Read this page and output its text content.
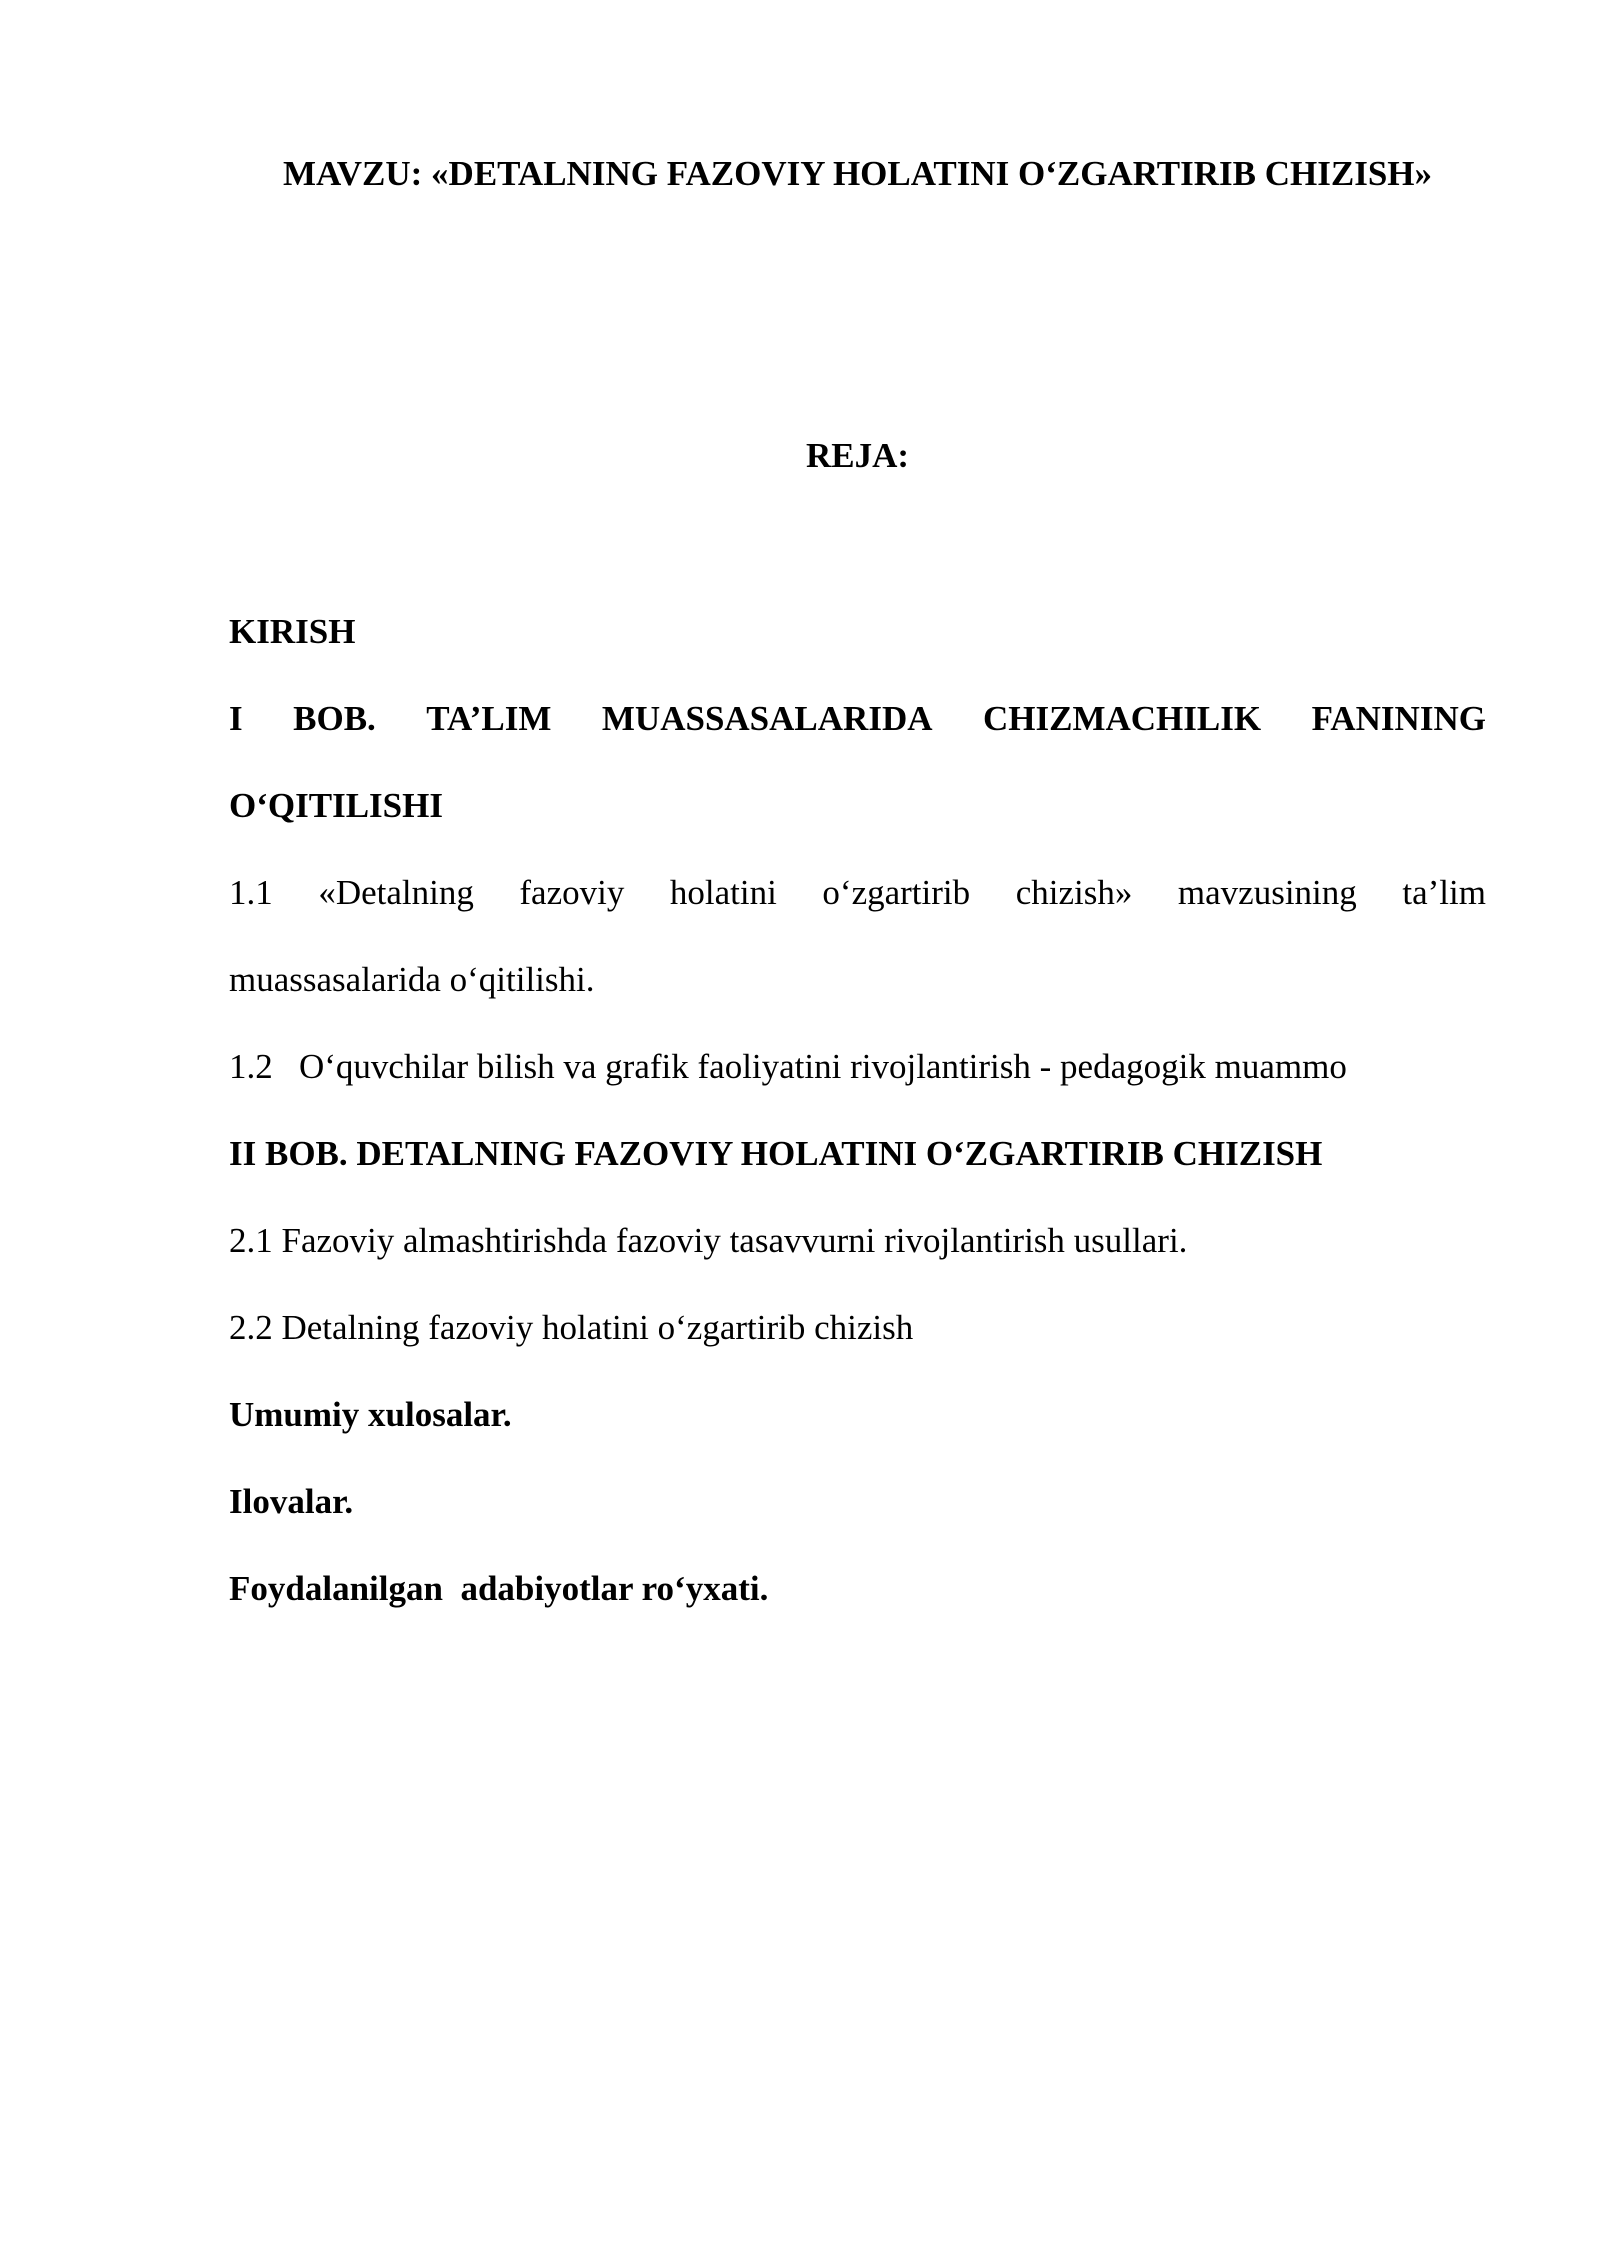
MAVZU: «DETALNING FAZOVIY HOLATINI O‘ZGARTIRIB CHIZISH»
REJA:
KIRISH
I BOB. TA’LIM MUASSASALARIDA CHIZMACHILIK FANINING
O‘QITILISHI
1.1 «Detalning fazoviy holatini o‘zgartirib chizish» mavzusining ta’lim
muassasalarida o‘qitilishi.
1.2   O‘quvchilar bilish va grafik faoliyatini rivojlantirish - pedagogik muammo
II BOB. DETALNING FAZOVIY HOLATINI O‘ZGARTIRIB CHIZISH
2.1 Fazoviy almashtirishda fazoviy tasavvurni rivojlantirish usullari.
2.2 Detalning fazoviy holatini o‘zgartirib chizish
Umumiy xulosalar.
Ilovalar.
Foydalanilgan  adabiyotlar ro‘yxati.
